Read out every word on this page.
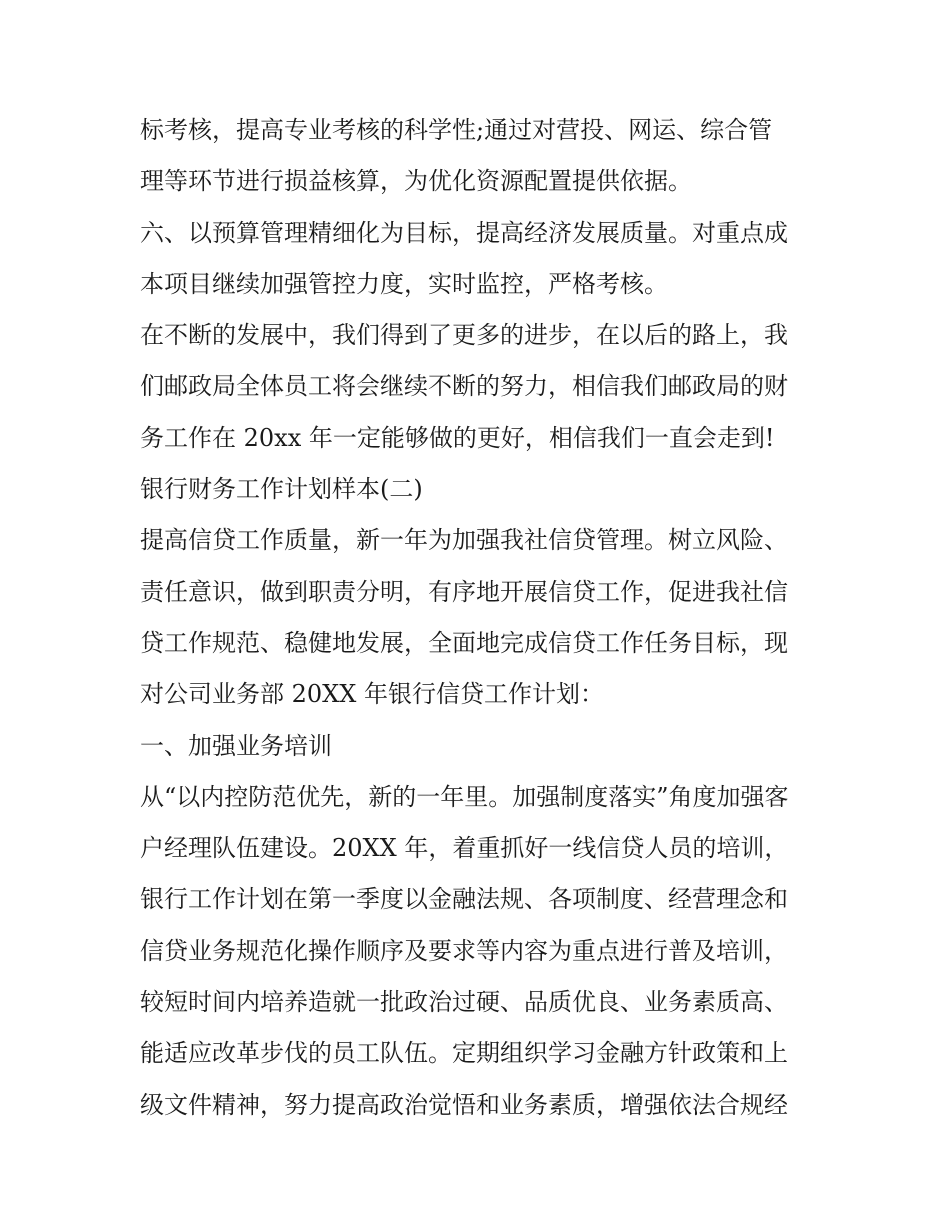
标考核，提高专业考核的科学性;通过对营投、网运、综合管
理等环节进行损益核算，为优化资源配置提供依据。
六、以预算管理精细化为目标，提高经济发展质量。对重点成
本项目继续加强管控力度，实时监控，严格考核。
在不断的发展中，我们得到了更多的进步，在以后的路上，我
们邮政局全体员工将会继续不断的努力，相信我们邮政局的财
务工作在 20xx 年一定能够做的更好，相信我们一直会走到!
银行财务工作计划样本(二)
提高信贷工作质量，新一年为加强我社信贷管理。树立风险、
责任意识，做到职责分明，有序地开展信贷工作，促进我社信
贷工作规范、稳健地发展，全面地完成信贷工作任务目标，现
对公司业务部 20XX 年银行信贷工作计划：
一、加强业务培训
从“以内控防范优先，新的一年里。加强制度落实”角度加强客
户经理队伍建设。20XX 年，着重抓好一线信贷人员的培训，
银行工作计划在第一季度以金融法规、各项制度、经营理念和
信贷业务规范化操作顺序及要求等内容为重点进行普及培训，
较短时间内培养造就一批政治过硬、品质优良、业务素质高、
能适应改革步伐的员工队伍。定期组织学习金融方针政策和上
级文件精神，努力提高政治觉悟和业务素质，增强依法合规经
